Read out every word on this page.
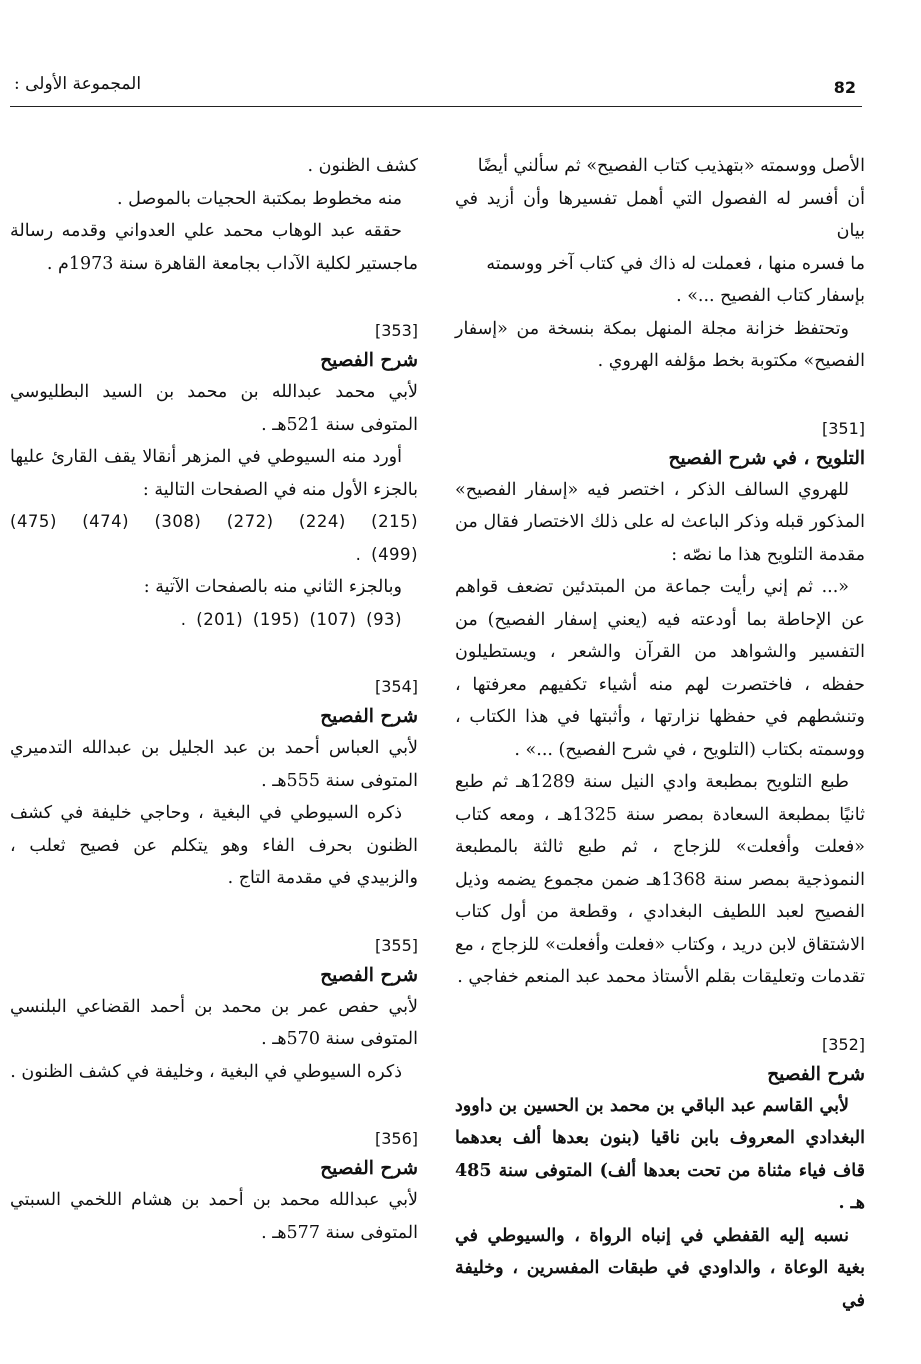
82
المجموعة الأولى :

الأصل ووسمته «بتهذيب كتاب الفصيح» ثم سألني أيضًا

أن أفسر له الفصول التي أهمل تفسيرها وأن أزيد في بيان

ما فسره منها ، فعملت له ذاك في كتاب آخر ووسمته

بإسفار كتاب الفصيح ...» .

وتحتفظ خزانة مجلة المنهل بمكة بنسخة من «إسفار الفصيح» مكتوبة بخط مؤلفه الهروي .

[351]

التلويح ، في شرح الفصيح

للهروي السالف الذكر ، اختصر فيه «إسفار الفصيح» المذكور قبله وذكر الباعث له على ذلك الاختصار فقال من مقدمة التلويح هذا ما نصّه :

«... ثم إني رأيت جماعة من المبتدئين تضعف قواهم عن الإحاطة بما أودعته فيه (يعني إسفار الفصيح) من التفسير والشواهد من القرآن والشعر ، ويستطيلون حفظه ، فاختصرت لهم منه أشياء تكفيهم معرفتها ، وتنشطهم في حفظها نزارتها ، وأثبتها في هذا الكتاب ، ووسمته بكتاب (التلويح ، في شرح الفصيح) ...» .

طبع التلويح بمطبعة وادي النيل سنة 1289هـ ثم طبع ثانيًا بمطبعة السعادة بمصر سنة 1325هـ ، ومعه كتاب «فعلت وأفعلت» للزجاج ، ثم طبع ثالثة بالمطبعة النموذجية بمصر سنة 1368هـ ضمن مجموع يضمه وذيل الفصيح لعبد اللطيف البغدادي ، وقطعة من أول كتاب الاشتقاق لابن دريد ، وكتاب «فعلت وأفعلت» للزجاج ، مع تقدمات وتعليقات بقلم الأستاذ محمد عبد المنعم خفاجي .

[352]

شرح الفصيح

لأبي القاسم عبد الباقي بن محمد بن الحسين بن داوود البغدادي المعروف بابن ناقيا (بنون بعدها ألف بعدهما قاف فياء مثناة من تحت بعدها ألف) المتوفى سنة 485 هـ .

نسبه إليه القفطي في إنباه الرواة ، والسيوطي في بغية الوعاة ، والداودي في طبقات المفسرين ، وخليفة في

كشف الظنون .

منه مخطوط بمكتبة الحجيات بالموصل .

حققه عبد الوهاب محمد علي العدواني وقدمه رسالة ماجستير لكلية الآداب بجامعة القاهرة سنة 1973م .

[353]

شرح الفصيح

لأبي محمد عبدالله بن محمد بن السيد البطليوسي المتوفى سنة 521هـ .

أورد منه السيوطي في المزهر أنقالا يقف القارئ عليها بالجزء الأول منه في الصفحات التالية :

(215) (224) (272) (308) (474) (475)

(499) .

وبالجزء الثاني منه بالصفحات الآتية :

(93) (107) (195) (201) .

[354]

شرح الفصيح

لأبي العباس أحمد بن عبد الجليل بن عبدالله التدميري المتوفى سنة 555هـ .

ذكره السيوطي في البغية ، وحاجي خليفة في كشف الظنون بحرف الفاء وهو يتكلم عن فصيح ثعلب ، والزبيدي في مقدمة التاج .

[355]

شرح الفصيح

لأبي حفص عمر بن محمد بن أحمد القضاعي البلنسي المتوفى سنة 570هـ .

ذكره السيوطي في البغية ، وخليفة في كشف الظنون .

[356]

شرح الفصيح

لأبي عبدالله محمد بن أحمد بن هشام اللخمي السبتي المتوفى سنة 577هـ .
